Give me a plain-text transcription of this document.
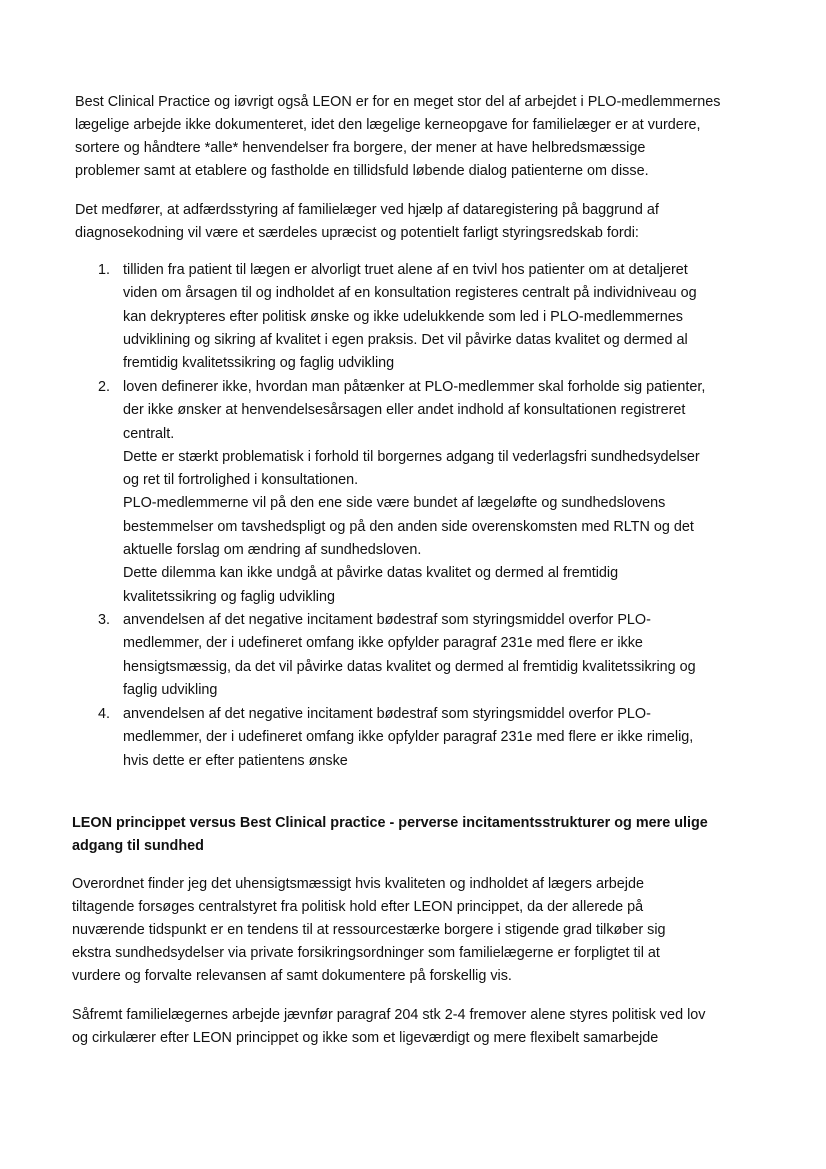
Best Clinical Practice og iøvrigt også LEON er for en meget stor del af arbejdet i PLO-medlemmernes
lægelige arbejde ikke dokumenteret, idet den lægelige kerneopgave for familielæger er at vurdere,
sortere og håndtere *alle* henvendelser fra borgere, der mener at have helbredsmæssige
problemer samt at etablere og fastholde en tillidsfuld løbende dialog patienterne om disse.
Det medfører, at adfærdsstyring af familielæger ved hjælp af dataregistering på baggrund af
diagnosekodning vil være et særdeles upræcist og potentielt farligt styringsredskab fordi:
1. tilliden fra patient til lægen er alvorligt truet alene af en tvivl hos patienter om at detaljeret
viden om årsagen til og indholdet af en konsultation registeres centralt på individniveau og
kan dekrypteres efter politisk ønske og ikke udelukkende som led i PLO-medlemmernes
udviklining og sikring af kvalitet i egen praksis. Det vil påvirke datas kvalitet og dermed al
fremtidig kvalitetssikring og faglig udvikling
2. loven definerer ikke, hvordan man påtænker at PLO-medlemmer skal forholde sig patienter,
der ikke ønsker at henvendelsesårsagen eller andet indhold af konsultationen registreret
centralt.
Dette er stærkt problematisk i forhold til borgernes adgang til vederlagsfri sundhedsydelser
og ret til fortrolighed i konsultationen.
PLO-medlemmerne vil på den ene side være bundet af lægeløfte og sundhedslovens
bestemmelser om tavshedspligt og på den anden side overenskomsten med RLTN og det
aktuelle forslag om ændring af sundhedsloven.
Dette dilemma kan ikke undgå at påvirke datas kvalitet og dermed al fremtidig
kvalitetssikring og faglig udvikling
3. anvendelsen af det negative incitament bødestraf som styringsmiddel overfor PLO-
medlemmer, der i udefineret omfang ikke opfylder paragraf 231e med flere er ikke
hensigtsmæssig, da det vil påvirke datas kvalitet og dermed al fremtidig kvalitetssikring og
faglig udvikling
4. anvendelsen af det negative incitament bødestraf som styringsmiddel overfor PLO-
medlemmer, der i udefineret omfang ikke opfylder paragraf 231e med flere er ikke rimelig,
hvis dette er efter patientens ønske
LEON princippet versus Best Clinical practice - perverse incitamentsstrukturer og mere ulige
adgang til sundhed
Overordnet finder jeg det uhensigtsmæssigt hvis kvaliteten og indholdet af lægers arbejde
tiltagende forsøges centralstyret fra politisk hold efter LEON princippet, da der allerede på
nuværende tidspunkt er en tendens til at ressourcestærke borgere i stigende grad tilkøber sig
ekstra sundhedsydelser via private forsikringsordninger som familielægerne er forpligtet til at
vurdere og forvalte relevansen af samt dokumentere på forskellig vis.
Såfremt familielægernes arbejde jævnfør paragraf 204 stk 2-4 fremover alene styres politisk ved lov
og cirkulærer efter LEON princippet og ikke som et ligeværdigt og mere flexibelt samarbejde
